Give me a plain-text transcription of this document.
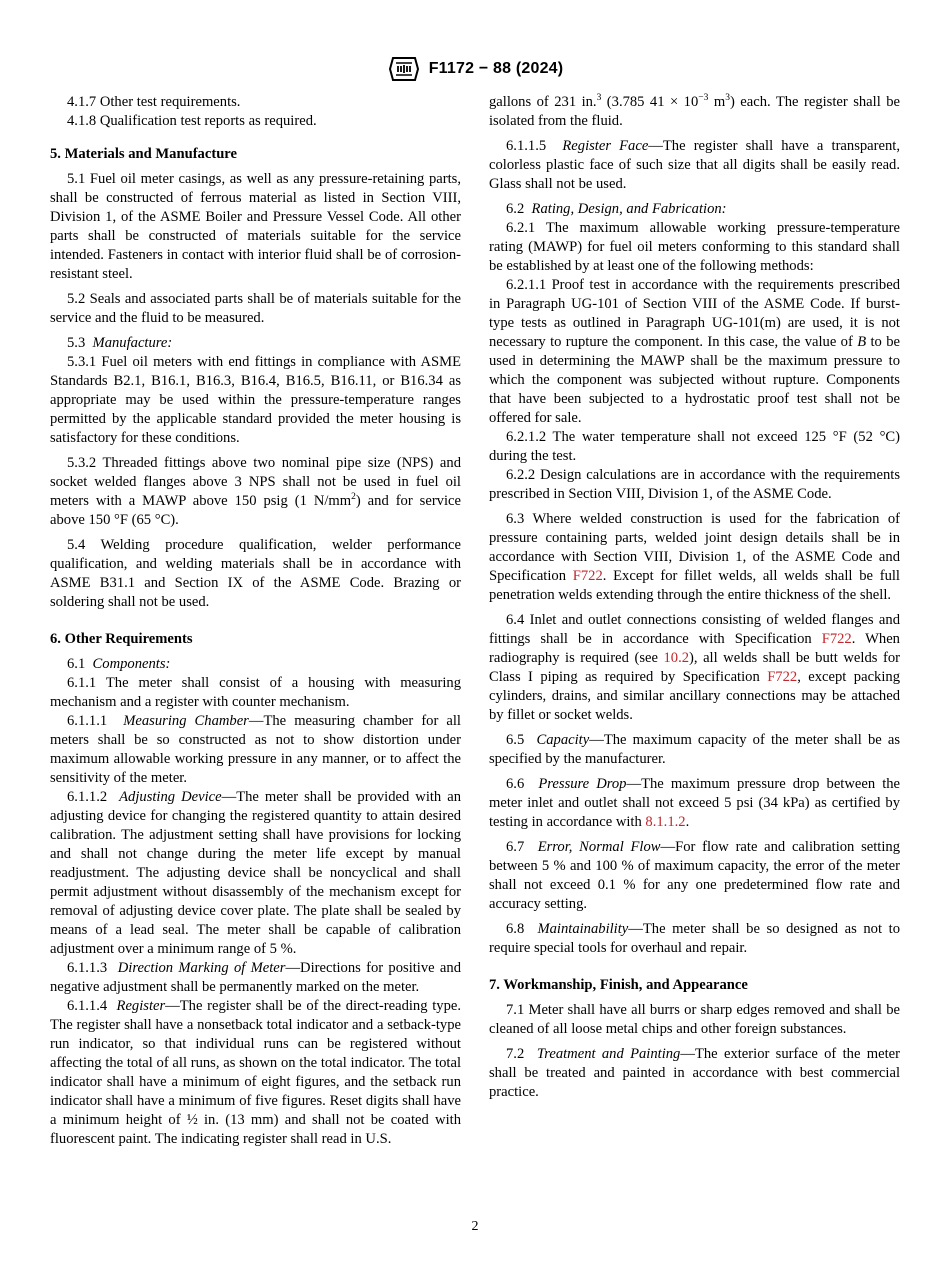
F1172 − 88 (2024)

4.1.7 Other test requirements.

4.1.8 Qualification test reports as required.

5. Materials and Manufacture

5.1 Fuel oil meter casings, as well as any pressure-retaining parts, shall be constructed of ferrous material as listed in Section VIII, Division 1, of the ASME Boiler and Pressure Vessel Code. All other parts shall be constructed of materials suitable for the service intended. Fasteners in contact with interior fluid shall be of corrosion-resistant steel.

5.2 Seals and associated parts shall be of materials suitable for the service and the fluid to be measured.

5.3 Manufacture:

5.3.1 Fuel oil meters with end fittings in compliance with ASME Standards B2.1, B16.1, B16.3, B16.4, B16.5, B16.11, or B16.34 as appropriate may be used within the pressure-temperature ranges permitted by the applicable standard provided the meter housing is satisfactory for these conditions.

5.3.2 Threaded fittings above two nominal pipe size (NPS) and socket welded flanges above 3 NPS shall not be used in fuel oil meters with a MAWP above 150 psig (1 $N/mm^2$) and for service above 150 °F (65 °C).

5.4 Welding procedure qualification, welder performance qualification, and welding materials shall be in accordance with ASME B31.1 and Section IX of the ASME Code. Brazing or soldering shall not be used.

6. Other Requirements

6.1 Components:

6.1.1 The meter shall consist of a housing with measuring mechanism and a register with counter mechanism.

6.1.1.1 Measuring Chamber—The measuring chamber for all meters shall be so constructed as not to show distortion under maximum allowable working pressure in any manner, or to affect the sensitivity of the meter.

6.1.1.2 Adjusting Device—The meter shall be provided with an adjusting device for changing the registered quantity to attain desired calibration. The adjustment setting shall have provisions for locking and shall not change during the meter life except by manual readjustment. The adjusting device shall be noncyclical and shall permit adjustment without disassembly of the mechanism except for removal of adjusting device cover plate. The plate shall be sealed by means of a lead seal. The meter shall be capable of calibration adjustment over a minimum range of 5 %.

6.1.1.3 Direction Marking of Meter—Directions for positive and negative adjustment shall be permanently marked on the meter.

6.1.1.4 Register—The register shall be of the direct-reading type. The register shall have a nonsetback total indicator and a setback-type run indicator, so that individual runs can be registered without affecting the total of all runs, as shown on the total indicator. The total indicator shall have a minimum of eight figures, and the setback run indicator shall have a minimum of five figures. Reset digits shall have a minimum height of ½ in. (13 mm) and shall not be coated with fluorescent paint. The indicating register shall read in U.S.

gallons of 231 in.$^3$ (3.785 $41 \times 10^{-3}$ $m^3$) each. The register shall be isolated from the fluid.

6.1.1.5 Register Face—The register shall have a transparent, colorless plastic face of such size that all digits shall be easily read. Glass shall not be used.

6.2 Rating, Design, and Fabrication:

6.2.1 The maximum allowable working pressure-temperature rating (MAWP) for fuel oil meters conforming to this standard shall be established by at least one of the following methods:

6.2.1.1 Proof test in accordance with the requirements prescribed in Paragraph UG-101 of Section VIII of the ASME Code. If burst-type tests as outlined in Paragraph UG-101(m) are used, it is not necessary to rupture the component. In this case, the value of B to be used in determining the MAWP shall be the maximum pressure to which the component was subjected without rupture. Components that have been subjected to a hydrostatic proof test shall not be offered for sale.

6.2.1.2 The water temperature shall not exceed 125 °F (52 °C) during the test.

6.2.2 Design calculations are in accordance with the requirements prescribed in Section VIII, Division 1, of the ASME Code.

6.3 Where welded construction is used for the fabrication of pressure containing parts, welded joint design details shall be in accordance with Section VIII, Division 1, of the ASME Code and Specification F722. Except for fillet welds, all welds shall be full penetration welds extending through the entire thickness of the shell.

6.4 Inlet and outlet connections consisting of welded flanges and fittings shall be in accordance with Specification F722. When radiography is required (see 10.2), all welds shall be butt welds for Class I piping as required by Specification F722, except packing cylinders, drains, and similar ancillary connections may be attached by fillet or socket welds.

6.5 Capacity—The maximum capacity of the meter shall be as specified by the manufacturer.

6.6 Pressure Drop—The maximum pressure drop between the meter inlet and outlet shall not exceed 5 psi (34 kPa) as certified by testing in accordance with 8.1.1.2.

6.7 Error, Normal Flow—For flow rate and calibration setting between 5 % and 100 % of maximum capacity, the error of the meter shall not exceed 0.1 % for any one predetermined flow rate and accuracy setting.

6.8 Maintainability—The meter shall be so designed as not to require special tools for overhaul and repair.

7. Workmanship, Finish, and Appearance

7.1 Meter shall have all burrs or sharp edges removed and shall be cleaned of all loose metal chips and other foreign substances.

7.2 Treatment and Painting—The exterior surface of the meter shall be treated and painted in accordance with best commercial practice.

2
